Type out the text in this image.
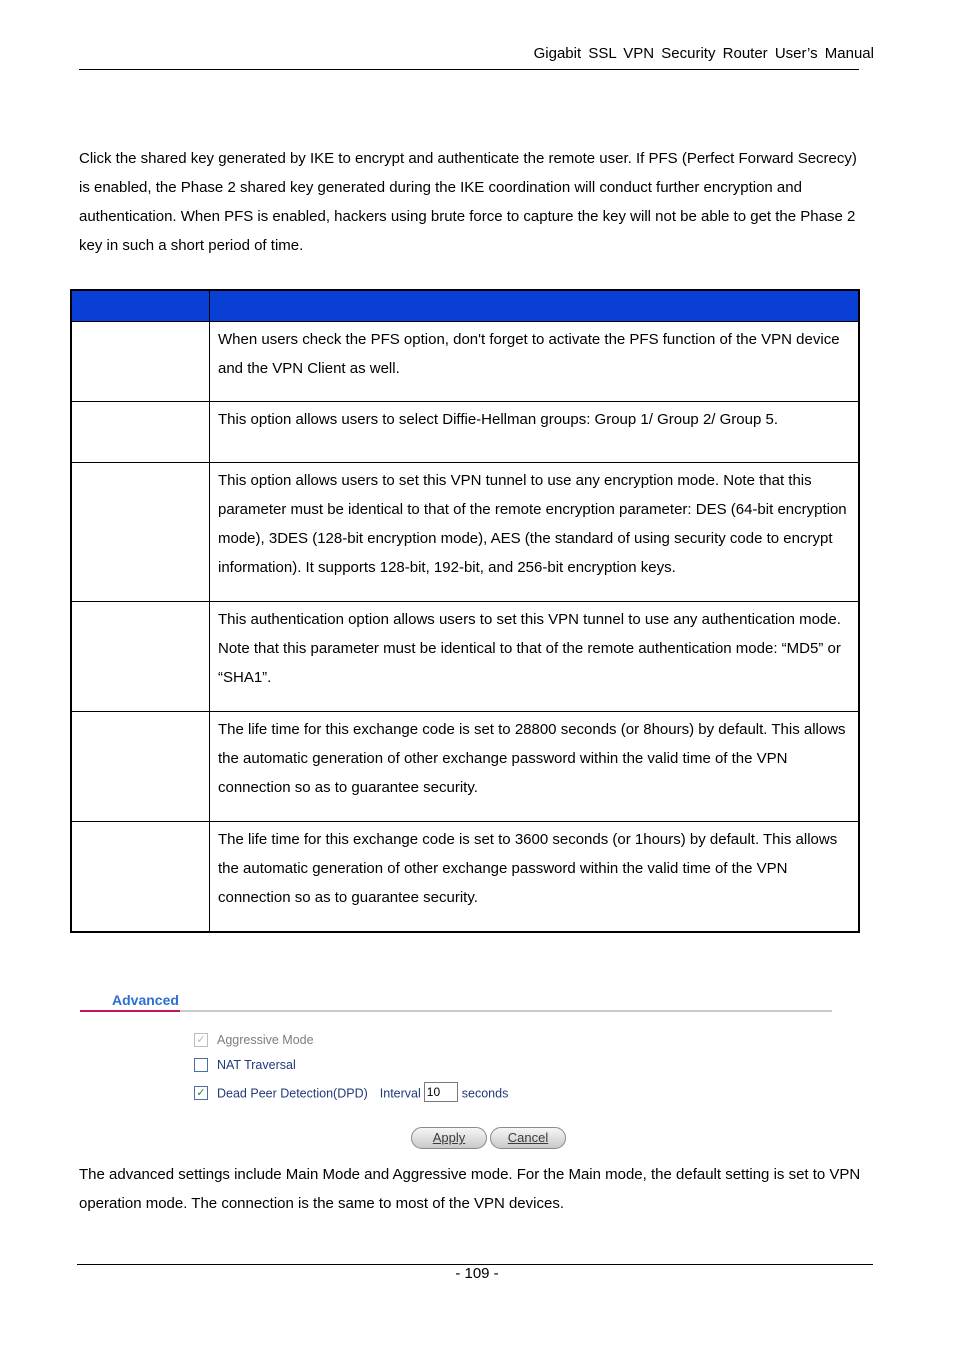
Gigabit SSL VPN Security Router User’s Manual

Click the shared key generated by IKE to encrypt and authenticate the remote user. If PFS (Perfect Forward Secrecy) is enabled, the Phase 2 shared key generated during the IKE coordination will conduct further encryption and authentication. When PFS is enabled, hackers using brute force to capture the key will not be able to get the Phase 2 key in such a short period of time.

	When users check the PFS option, don't forget to activate the PFS function of the VPN device and the VPN Client as well.
	This option allows users to select Diffie-Hellman groups: Group 1/ Group 2/ Group 5.
	This option allows users to set this VPN tunnel to use any encryption mode. Note that this parameter must be identical to that of the remote encryption parameter: DES (64-bit encryption mode), 3DES (128-bit encryption mode), AES (the standard of using security code to encrypt information). It supports 128-bit, 192-bit, and 256-bit encryption keys.
	This authentication option allows users to set this VPN tunnel to use any authentication mode. Note that this parameter must be identical to that of the remote authentication mode: “MD5” or “SHA1”.
	The life time for this exchange code is set to 28800 seconds (or 8hours) by default. This allows the automatic generation of other exchange password within the valid time of the VPN connection so as to guarantee security.
	The life time for this exchange code is set to 3600 seconds (or 1hours) by default. This allows the automatic generation of other exchange password within the valid time of the VPN connection so as to guarantee security.
Advanced
✓ Aggressive Mode
NAT Traversal
✓ Dead Peer Detection(DPD) Interval 10 seconds
Apply	Cancel

The advanced settings include Main Mode and Aggressive mode. For the Main mode, the default setting is set to VPN operation mode. The connection is the same to most of the VPN devices.

- 109 -
